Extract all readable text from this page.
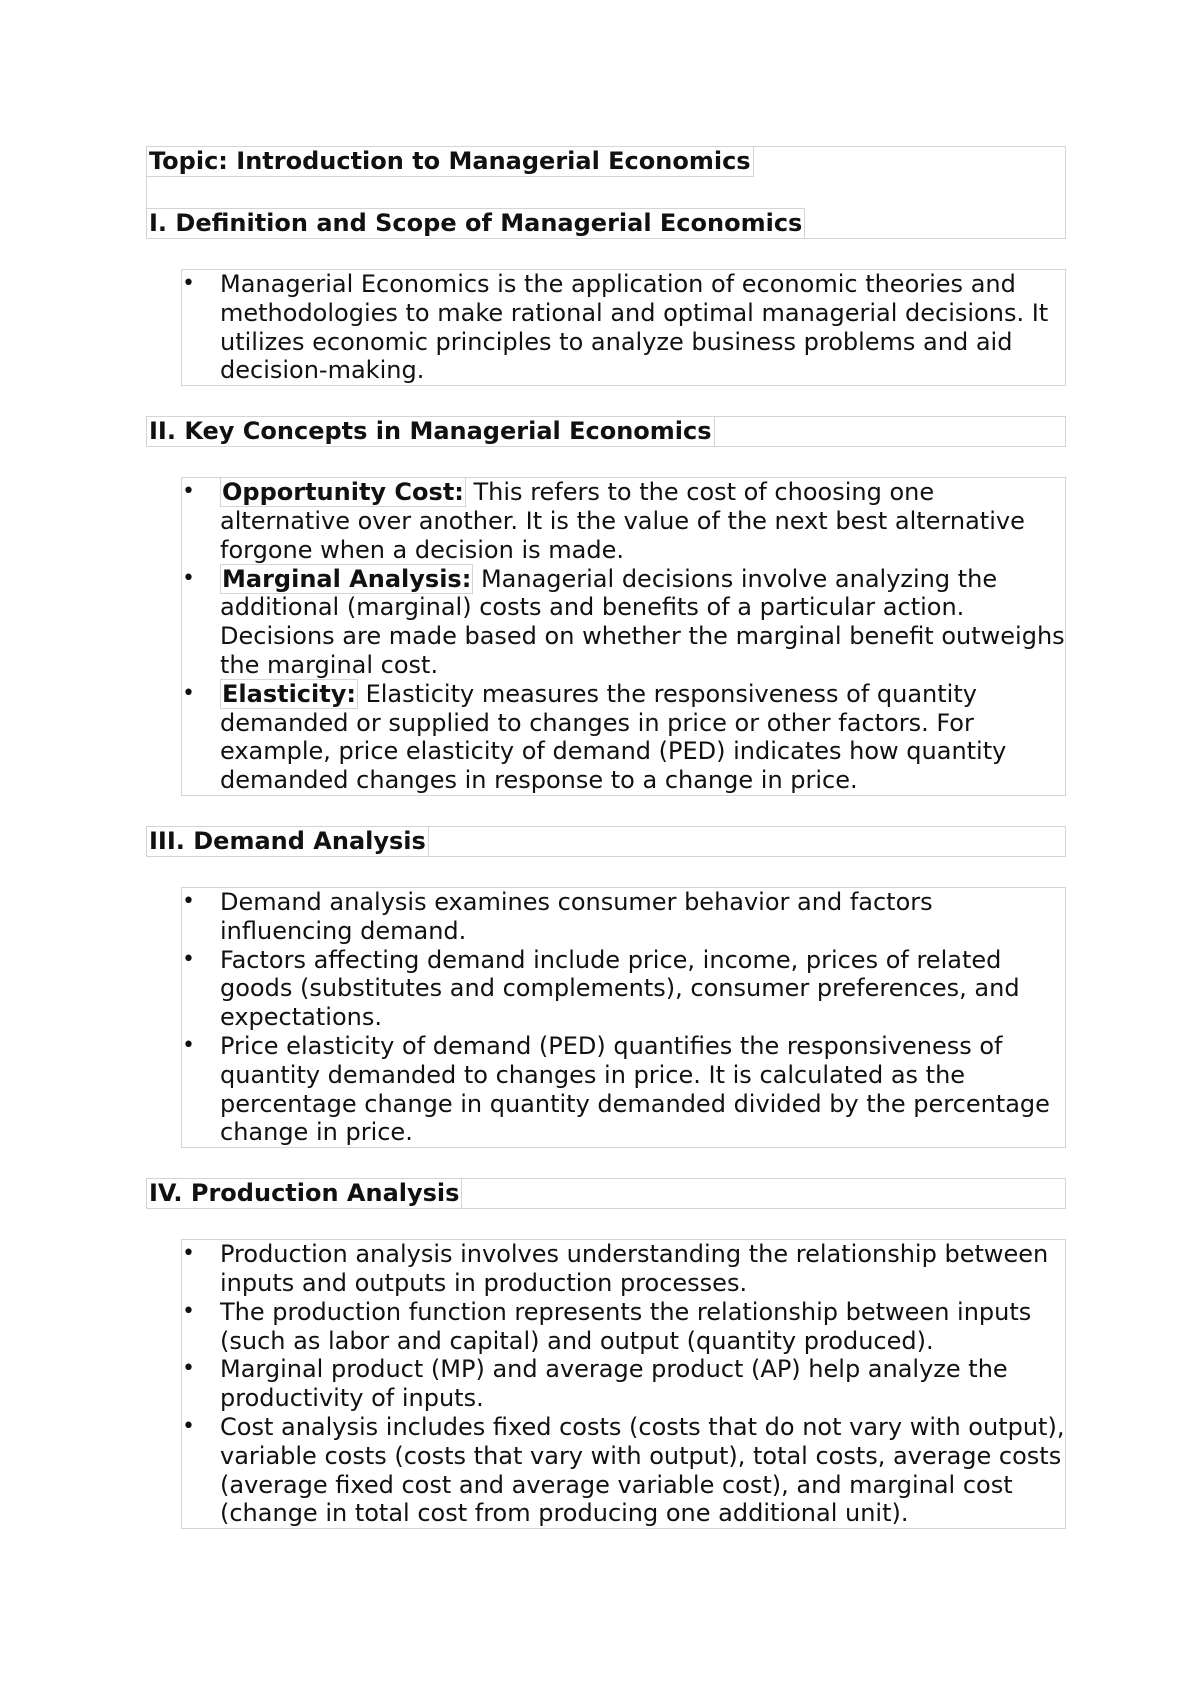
Topic: Introduction to Managerial Economics
I. Definition and Scope of Managerial Economics
• Managerial Economics is the application of economic theories and methodologies to make rational and optimal managerial decisions. It utilizes economic principles to analyze business problems and aid decision-making.
II. Key Concepts in Managerial Economics
• Opportunity Cost: This refers to the cost of choosing one alternative over another. It is the value of the next best alternative forgone when a decision is made.
• Marginal Analysis: Managerial decisions involve analyzing the additional (marginal) costs and benefits of a particular action. Decisions are made based on whether the marginal benefit outweighs the marginal cost.
• Elasticity: Elasticity measures the responsiveness of quantity demanded or supplied to changes in price or other factors. For example, price elasticity of demand (PED) indicates how quantity demanded changes in response to a change in price.
III. Demand Analysis
• Demand analysis examines consumer behavior and factors influencing demand.
• Factors affecting demand include price, income, prices of related goods (substitutes and complements), consumer preferences, and expectations.
• Price elasticity of demand (PED) quantifies the responsiveness of quantity demanded to changes in price. It is calculated as the percentage change in quantity demanded divided by the percentage change in price.
IV. Production Analysis
• Production analysis involves understanding the relationship between inputs and outputs in production processes.
• The production function represents the relationship between inputs (such as labor and capital) and output (quantity produced).
• Marginal product (MP) and average product (AP) help analyze the productivity of inputs.
• Cost analysis includes fixed costs (costs that do not vary with output), variable costs (costs that vary with output), total costs, average costs (average fixed cost and average variable cost), and marginal cost (change in total cost from producing one additional unit).
